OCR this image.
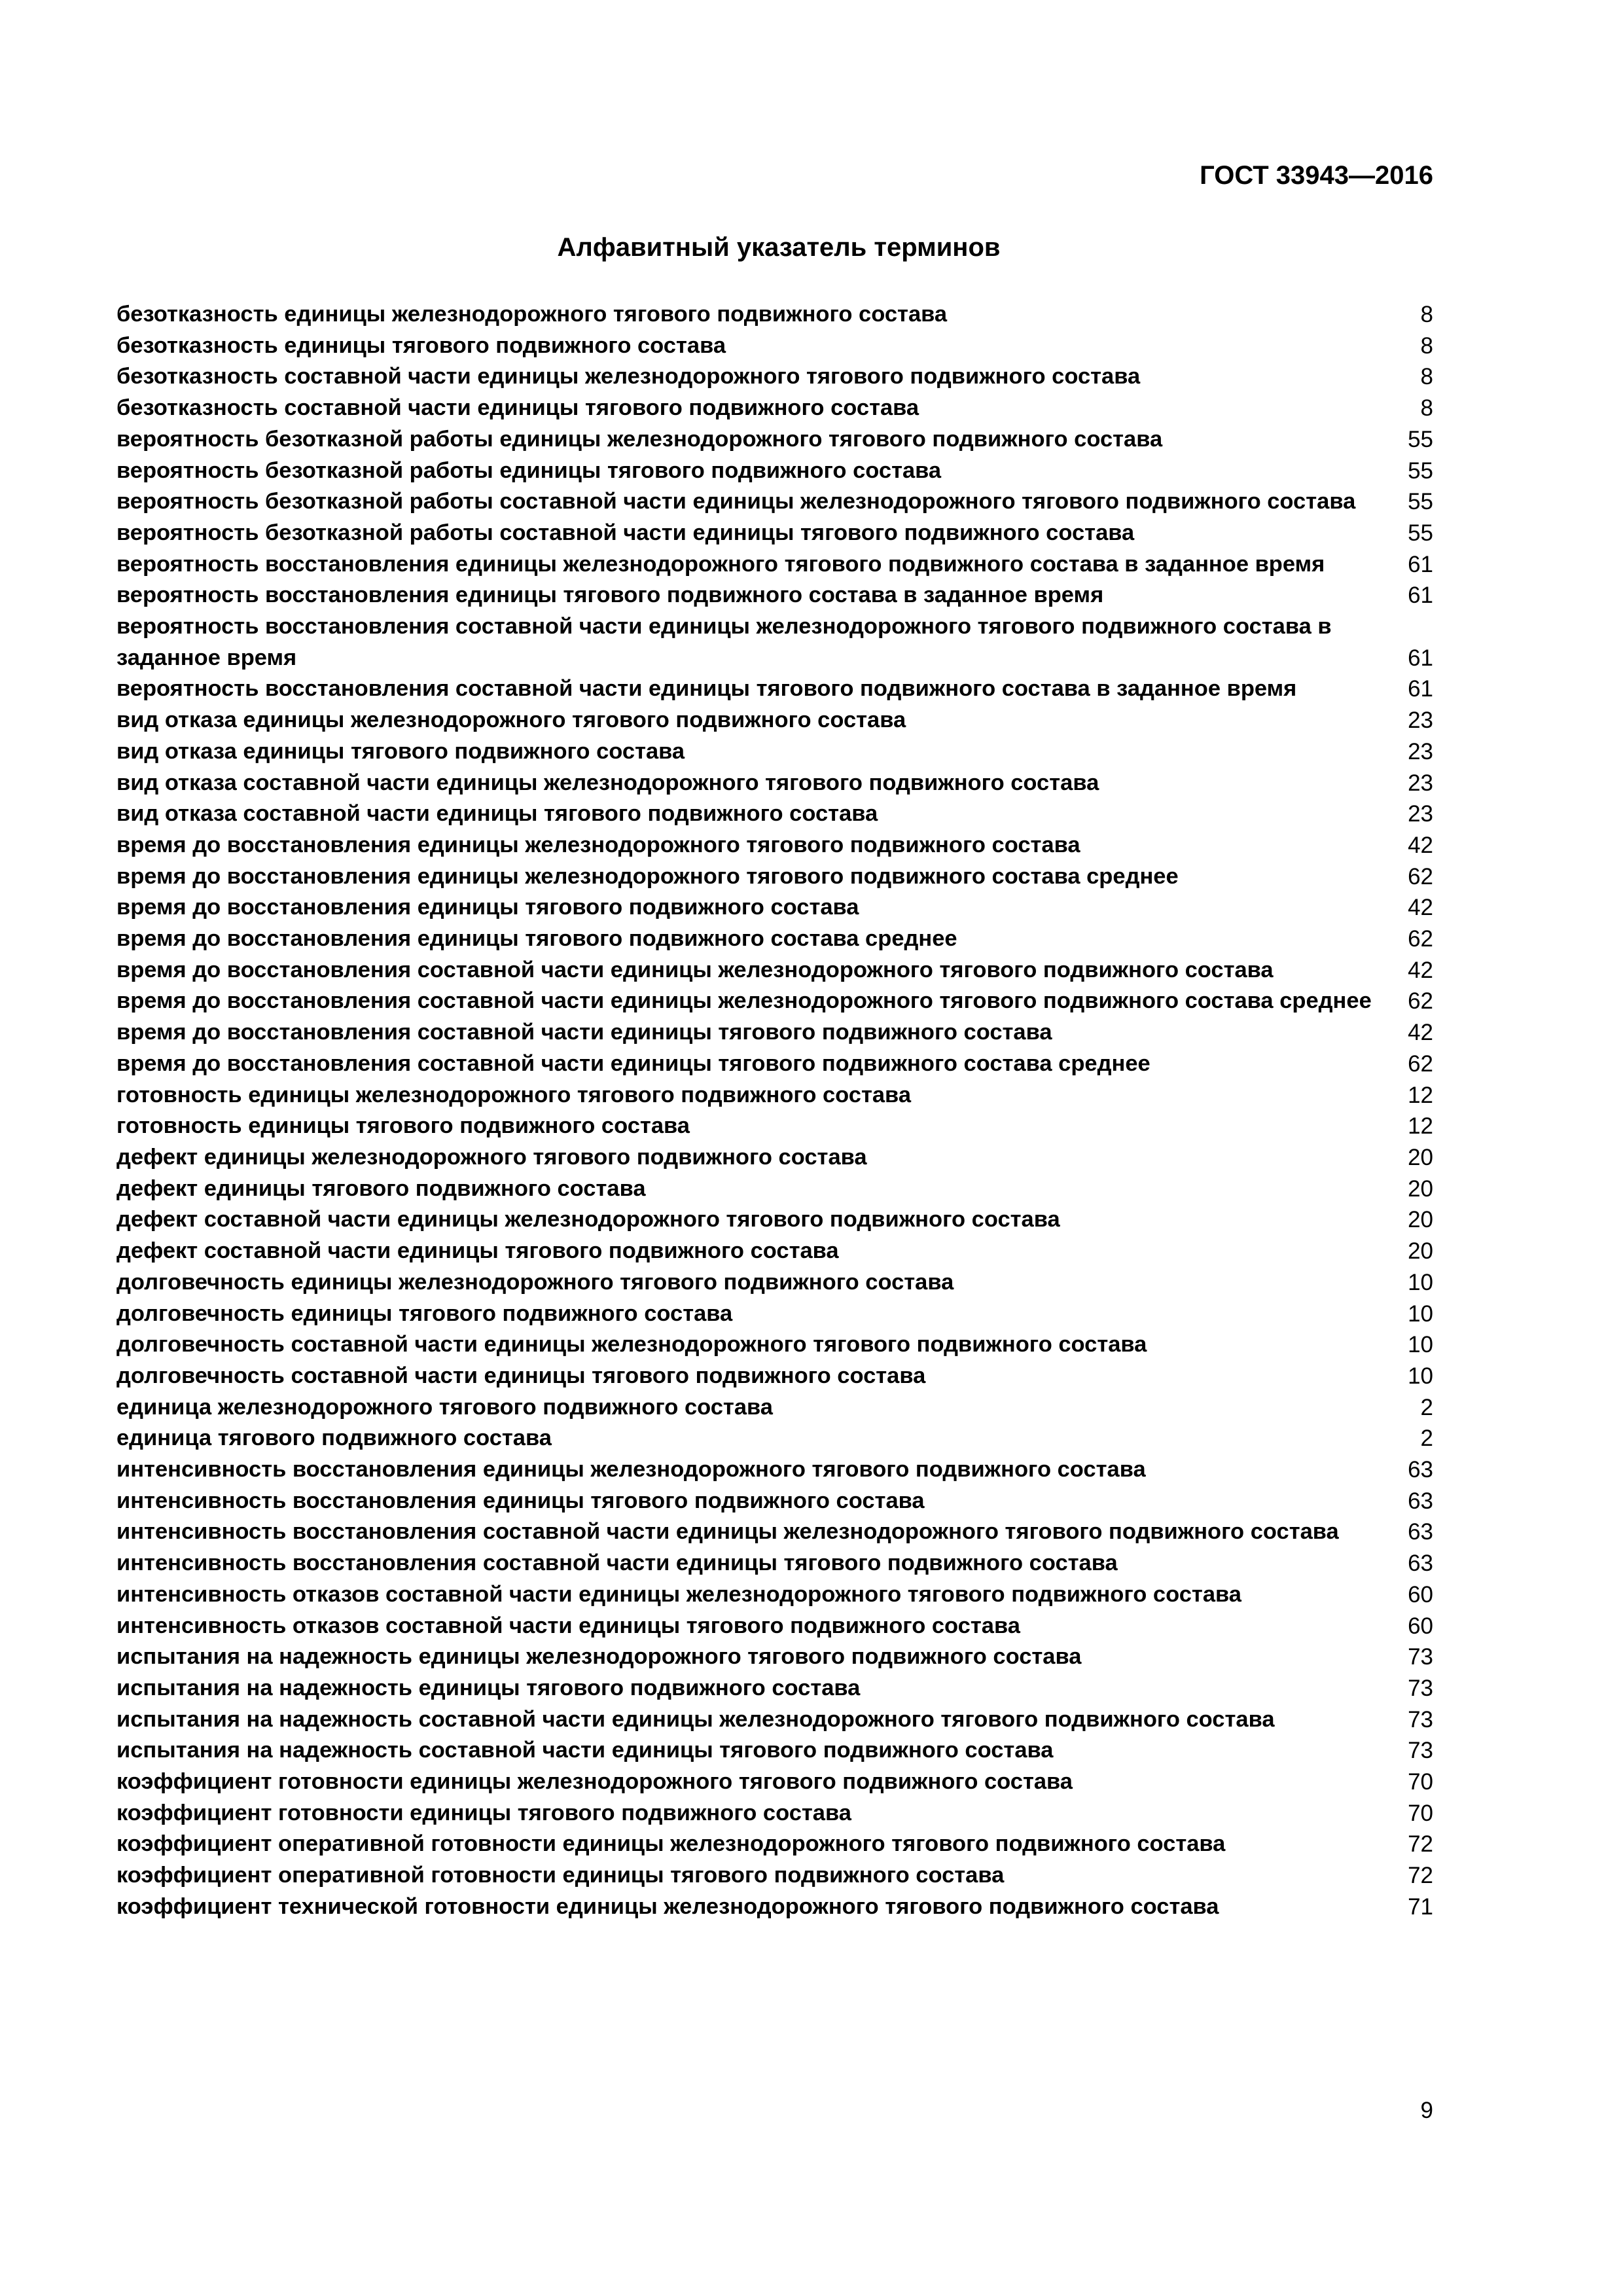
ГОСТ 33943—2016
Алфавитный указатель терминов
безотказность единицы железнодорожного тягового подвижного состава	8
безотказность единицы тягового подвижного состава	8
безотказность составной части единицы железнодорожного тягового подвижного состава	8
безотказность составной части единицы тягового подвижного состава	8
вероятность безотказной работы единицы железнодорожного тягового подвижного состава	55
вероятность безотказной работы единицы тягового подвижного состава	55
вероятность безотказной работы составной части единицы железнодорожного тягового подвижного состава	55
вероятность безотказной работы составной части единицы тягового подвижного состава	55
вероятность восстановления единицы железнодорожного тягового подвижного состава в заданное время	61
вероятность восстановления единицы тягового подвижного состава в заданное время	61
вероятность восстановления составной части единицы железнодорожного тягового подвижного состава в заданное время	61
вероятность восстановления составной части единицы тягового подвижного состава в заданное время	61
вид отказа единицы железнодорожного тягового подвижного состава	23
вид отказа единицы тягового подвижного состава	23
вид отказа составной части единицы железнодорожного тягового подвижного состава	23
вид отказа составной части единицы тягового подвижного состава	23
время до восстановления единицы железнодорожного тягового подвижного состава	42
время до восстановления единицы железнодорожного тягового подвижного состава среднее	62
время до восстановления единицы тягового подвижного состава	42
время до восстановления единицы тягового подвижного состава среднее	62
время до восстановления составной части единицы железнодорожного тягового подвижного состава	42
время до восстановления составной части единицы железнодорожного тягового подвижного состава среднее	62
время до восстановления составной части единицы тягового подвижного состава	42
время до восстановления составной части единицы тягового подвижного состава среднее	62
готовность единицы железнодорожного тягового подвижного состава	12
готовность единицы тягового подвижного состава	12
дефект единицы железнодорожного тягового подвижного состава	20
дефект единицы тягового подвижного состава	20
дефект составной части единицы железнодорожного тягового подвижного состава	20
дефект составной части единицы тягового подвижного состава	20
долговечность единицы железнодорожного тягового подвижного состава	10
долговечность единицы тягового подвижного состава	10
долговечность составной части единицы железнодорожного тягового подвижного состава	10
долговечность составной части единицы тягового подвижного состава	10
единица железнодорожного тягового подвижного состава	2
единица тягового подвижного состава	2
интенсивность восстановления единицы железнодорожного тягового подвижного состава	63
интенсивность восстановления единицы тягового подвижного состава	63
интенсивность восстановления составной части единицы железнодорожного тягового подвижного состава	63
интенсивность восстановления составной части единицы тягового подвижного состава	63
интенсивность отказов составной части единицы железнодорожного тягового подвижного состава	60
интенсивность отказов составной части единицы тягового подвижного состава	60
испытания на надежность единицы железнодорожного тягового подвижного состава	73
испытания на надежность единицы тягового подвижного состава	73
испытания на надежность составной части единицы железнодорожного тягового подвижного состава	73
испытания на надежность составной части единицы тягового подвижного состава	73
коэффициент готовности единицы железнодорожного тягового подвижного состава	70
коэффициент готовности единицы тягового подвижного состава	70
коэффициент оперативной готовности единицы железнодорожного тягового подвижного состава	72
коэффициент оперативной готовности единицы тягового подвижного состава	72
коэффициент технической готовности единицы железнодорожного тягового подвижного состава	71
9
